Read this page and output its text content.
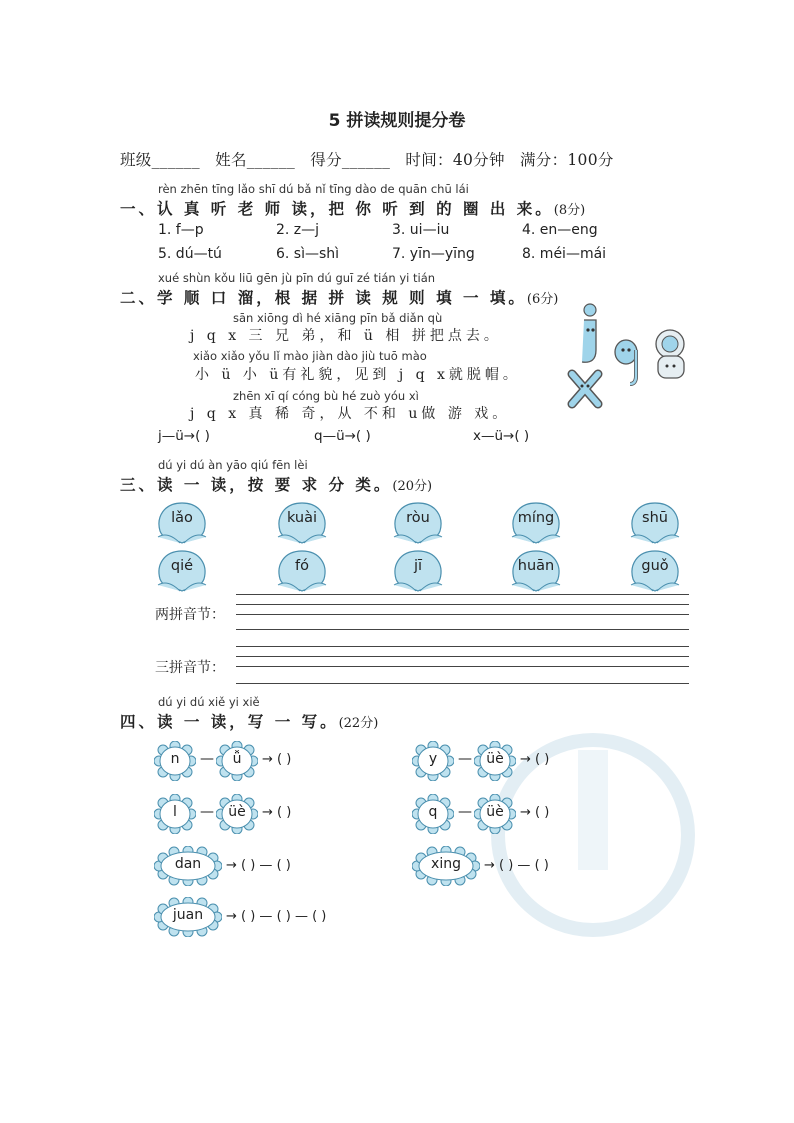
5 拼读规则提分卷
班级______ 姓名______ 得分______ 时间：40分钟 满分：100分
rèn zhēn tīng lǎo shī dú bǎ nǐ tīng dào de quān chū lái
一、认 真 听 老 师 读，把 你 听 到 的 圈 出 来。(8分)
1. f—p	2. z—j	3. ui—iu	4. en—eng
5. dú—tú	6. sì—shì	7. yīn—yīng	8. méi—mái
xué shùn kǒu liū gēn jù pīn dú guī zé tián yi tián
二、学 顺 口 溜，根 据 拼 读 规 则 填 一 填。(6分)
sān xiōng dì hé xiāng pīn bǎ diǎn qù
j q x 三 兄 弟，和 ü 相 拼把点去。
xiǎo xiǎo yǒu lǐ mào jiàn dào jiù tuō mào
小 ü 小 ü有礼貌，见到 j q x就脱帽。
zhēn xī qí cóng bù hé zuò yóu xì
j q x 真 稀 奇，从 不和 u做 游 戏。
j—ü→( )	q—ü→( )	x—ü→( )
j
dú yi dú àn yāo qiú fēn lèi
三、读 一 读，按 要 求 分 类。(20分)
lǎo	kuài	ròu	míng	shū
qié	fó	jī	huān	guǒ
两拼音节：
三拼音节：
dú yi dú xiě yi xiě
四、读 一 读，写 一 写。(22分)
n	—	ǚ	→ ( )	y	—	üè	→ ( )
l	—	üè	→ ( )	q	—	üè	→ ( )
dan	→ ( ) — ( )	xing	→ ( ) — ( )
juan	→ ( ) — ( ) — ( )
